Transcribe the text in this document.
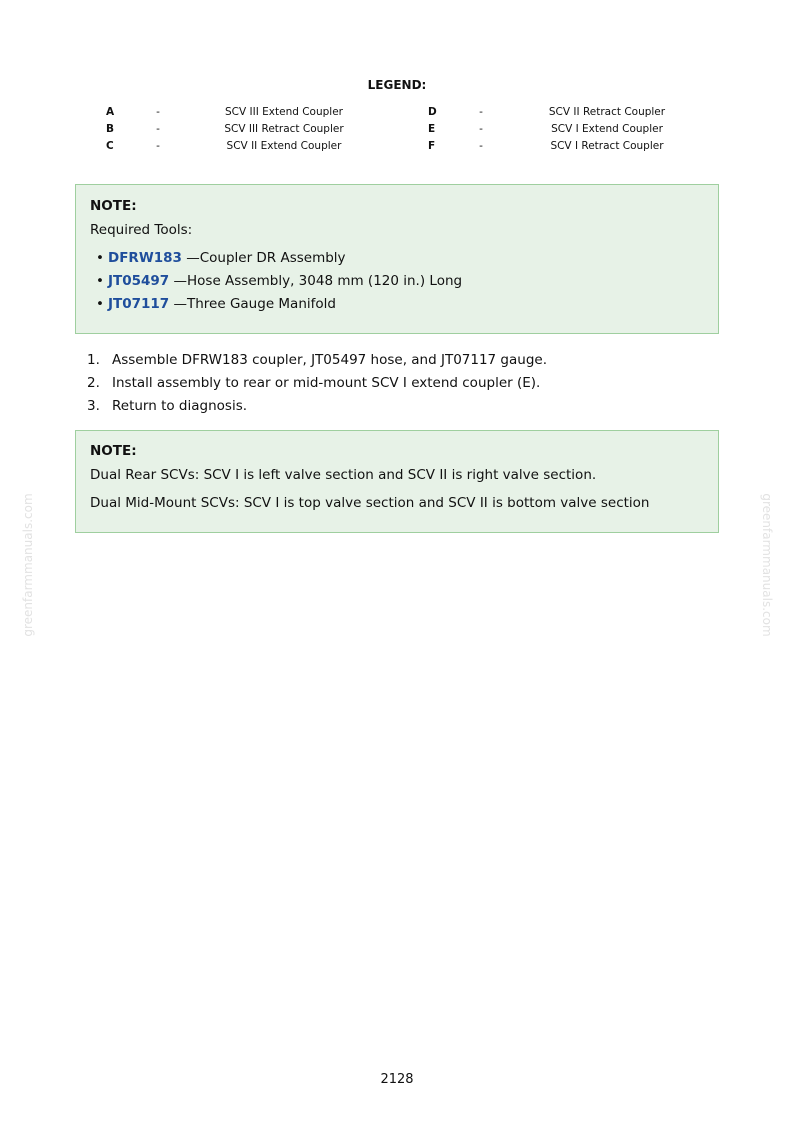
greenfarmmanuals.com	greenfarmmanuals.com
LEGEND:
A	-	SCV III Extend Coupler	D	-	SCV II Retract Coupler
B	-	SCV III Retract Coupler	E	-	SCV I Extend Coupler
C	-	SCV II Extend Coupler	F	-	SCV I Retract Coupler
NOTE:
Required Tools:
• DFRW183 —Coupler DR Assembly
• JT05497 —Hose Assembly, 3048 mm (120 in.) Long
• JT07117 —Three Gauge Manifold
1. Assemble DFRW183 coupler, JT05497 hose, and JT07117 gauge.
2. Install assembly to rear or mid-mount SCV I extend coupler (E).
3. Return to diagnosis.
NOTE:
Dual Rear SCVs: SCV I is left valve section and SCV II is right valve section.
Dual Mid-Mount SCVs: SCV I is top valve section and SCV II is bottom valve section
2128
